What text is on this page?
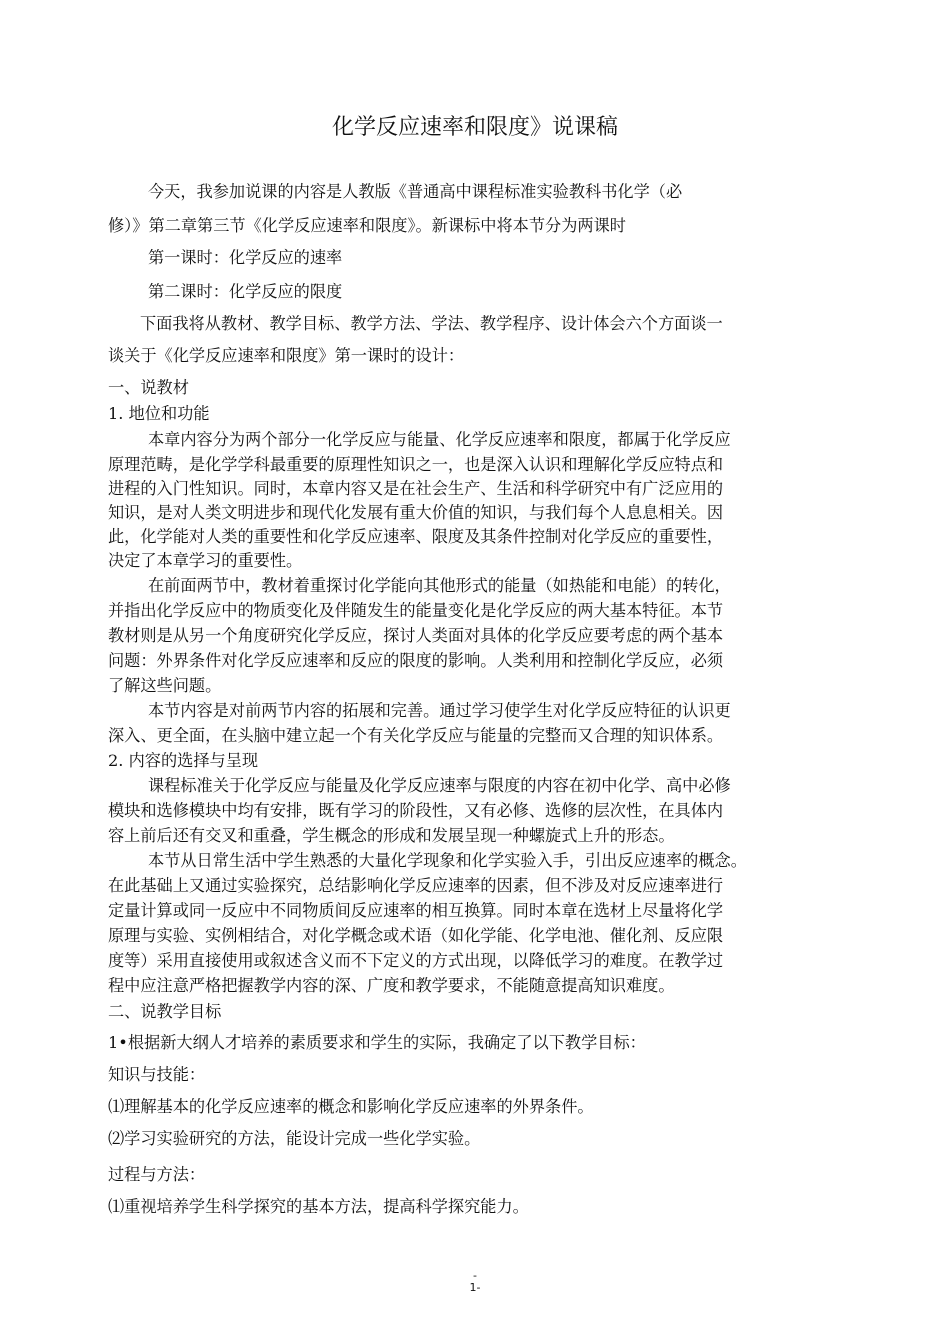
化学反应速率和限度》说课稿
今天，我参加说课的内容是人教版《普通高中课程标准实验教科书化学（必
修）》第二章第三节《化学反应速率和限度》。新课标中将本节分为两课时
第一课时：化学反应的速率
第二课时：化学反应的限度
下面我将从教材、教学目标、教学方法、学法、教学程序、设计体会六个方面谈一
谈关于《化学反应速率和限度》第一课时的设计：
一、说教材
1. 地位和功能
本章内容分为两个部分一化学反应与能量、化学反应速率和限度，都属于化学反应
原理范畴，是化学学科最重要的原理性知识之一，也是深入认识和理解化学反应特点和
进程的入门性知识。同时，本章内容又是在社会生产、生活和科学研究中有广泛应用的
知识，是对人类文明进步和现代化发展有重大价值的知识，与我们每个人息息相关。因
此，化学能对人类的重要性和化学反应速率、限度及其条件控制对化学反应的重要性，
决定了本章学习的重要性。
在前面两节中，教材着重探讨化学能向其他形式的能量（如热能和电能）的转化，
并指出化学反应中的物质变化及伴随发生的能量变化是化学反应的两大基本特征。本节
教材则是从另一个角度研究化学反应，探讨人类面对具体的化学反应要考虑的两个基本
问题：外界条件对化学反应速率和反应的限度的影响。人类利用和控制化学反应，必须
了解这些问题。
本节内容是对前两节内容的拓展和完善。通过学习使学生对化学反应特征的认识更
深入、更全面，在头脑中建立起一个有关化学反应与能量的完整而又合理的知识体系。
2. 内容的选择与呈现
课程标准关于化学反应与能量及化学反应速率与限度的内容在初中化学、高中必修
模块和选修模块中均有安排，既有学习的阶段性，又有必修、选修的层次性，在具体内
容上前后还有交叉和重叠，学生概念的形成和发展呈现一种螺旋式上升的形态。
本节从日常生活中学生熟悉的大量化学现象和化学实验入手，引出反应速率的概念。
在此基础上又通过实验探究，总结影响化学反应速率的因素，但不涉及对反应速率进行
定量计算或同一反应中不同物质间反应速率的相互换算。同时本章在选材上尽量将化学
原理与实验、实例相结合，对化学概念或术语（如化学能、化学电池、催化剂、反应限
度等）采用直接使用或叙述含义而不下定义的方式出现，以降低学习的难度。在教学过
程中应注意严格把握教学内容的深、广度和教学要求，不能随意提高知识难度。
二、说教学目标
1•根据新大纲人才培养的素质要求和学生的实际，我确定了以下教学目标：
知识与技能：
⑴理解基本的化学反应速率的概念和影响化学反应速率的外界条件。
⑵学习实验研究的方法，能设计完成一些化学实验。
过程与方法：
⑴重视培养学生科学探究的基本方法，提高科学探究能力。
-
1-
